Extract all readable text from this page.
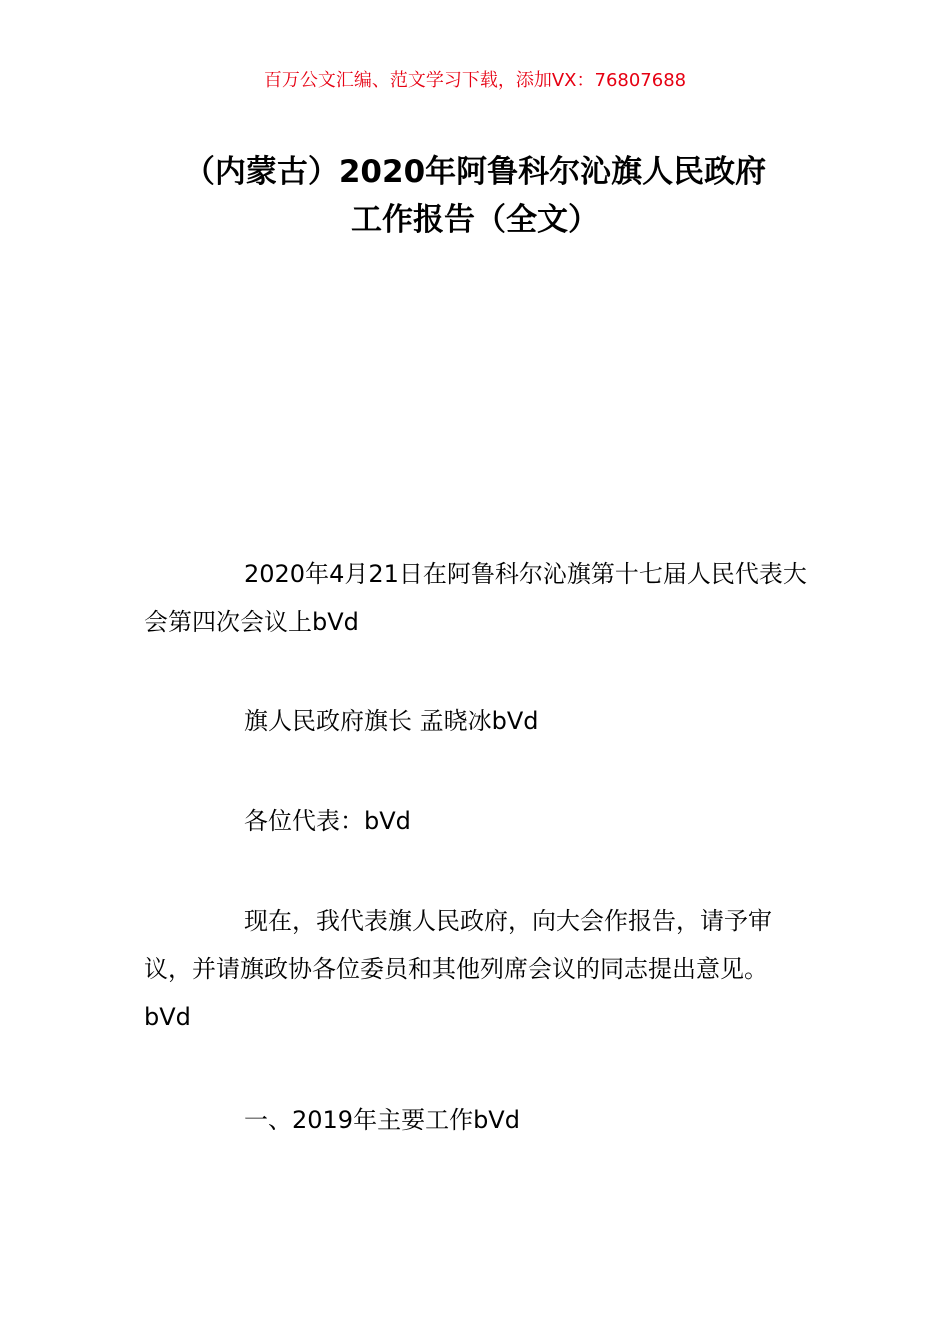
百万公文汇编、范文学习下载，添加VX：76807688
（内蒙古）2020年阿鲁科尔沁旗人民政府
工作报告（全文）

2020年4月21日在阿鲁科尔沁旗第十七届人民代表大会第四次会议上bVd

旗人民政府旗长 孟晓冰bVd

各位代表：bVd

现在，我代表旗人民政府，向大会作报告，请予审议，并请旗政协各位委员和其他列席会议的同志提出意见。bVd

一、2019年主要工作bVd
